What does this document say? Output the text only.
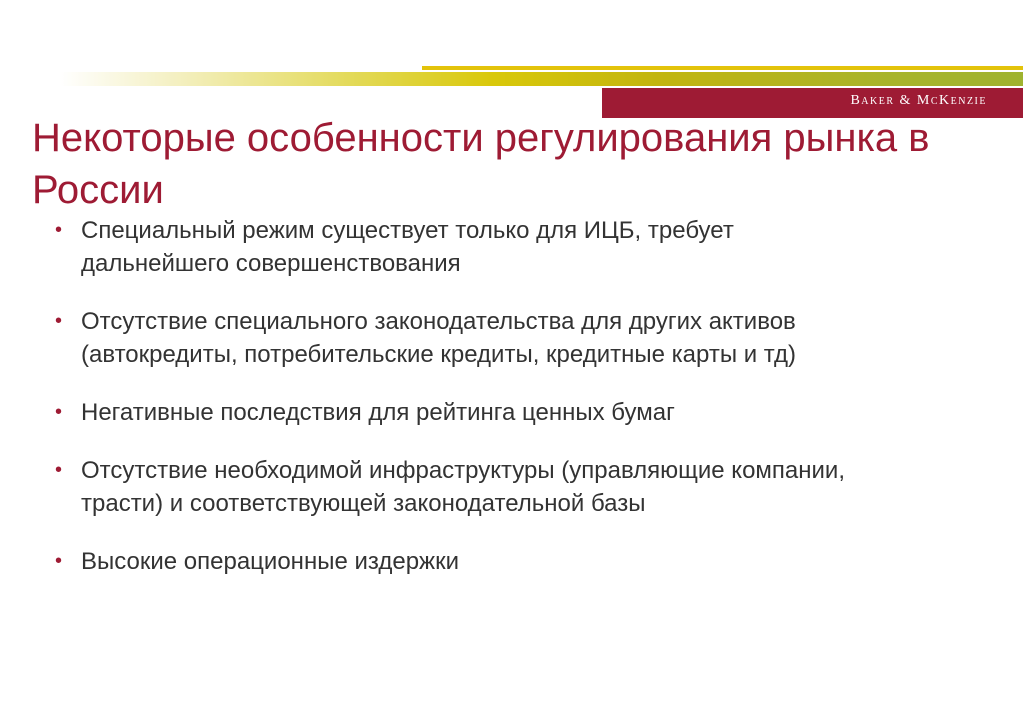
Baker & McKenzie
Некоторые особенности регулирования рынка в России
• Специальный режим существует только для ИЦБ, требует дальнейшего совершенствования
• Отсутствие специального законодательства для других активов (автокредиты, потребительские кредиты, кредитные карты и тд)
• Негативные последствия для рейтинга ценных бумаг
• Отсутствие необходимой инфраструктуры (управляющие компании, трасти) и соответствующей законодательной базы
• Высокие операционные издержки
